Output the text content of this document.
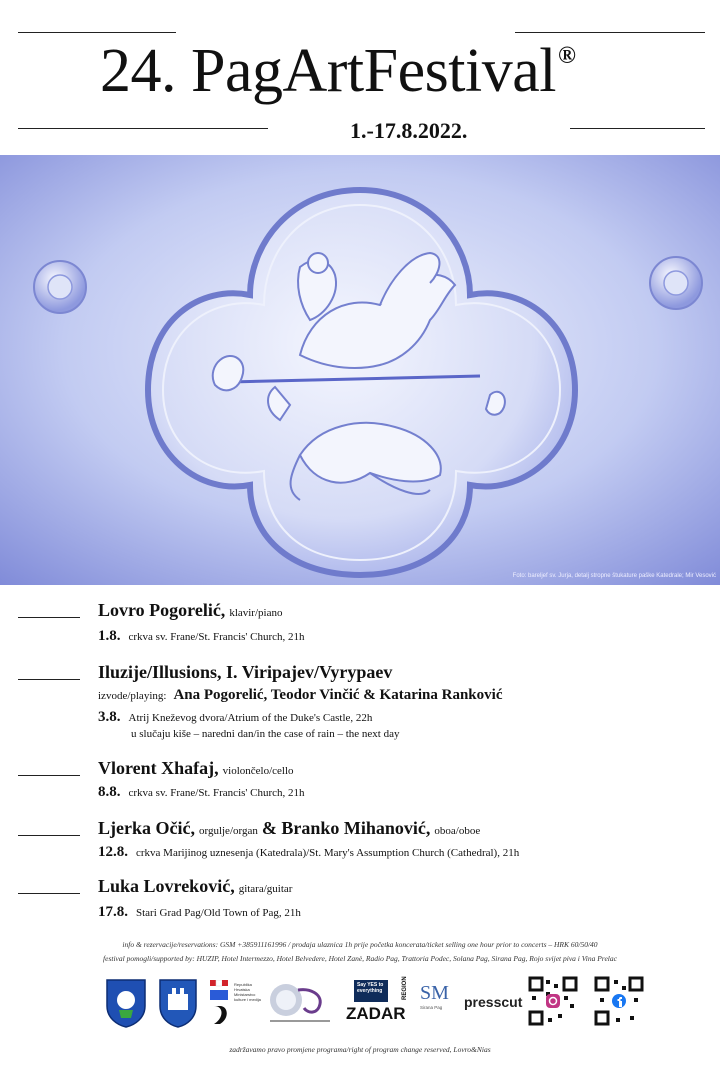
24. PagArtFestival®
1.-17.8.2022.
Foto: bareljef sv. Jurja, detalj stropne štukature paške Katedrale; Mir Vesović
Lovro Pogorelić, klavir/piano
1.8. crkva sv. Frane/St. Francis' Church, 21h
Iluzije/Illusions, I. Viripajev/Vyrypaev
izvode/playing: Ana Pogorelić, Teodor Vinčić & Katarina Ranković
3.8. Atrij Kneževog dvora/Atrium of the Duke's Castle, 22h
u slučaju kiše – naredni dan/in the case of rain – the next day
Vlorent Xhafaj, violončelo/cello
8.8. crkva sv. Frane/St. Francis' Church, 21h
Ljerka Očić, orgulje/organ & Branko Mihanović, oboa/oboe
12.8. crkva Marijinog uznesenja (Katedrala)/St. Mary's Assumption Church (Cathedral), 21h
Luka Lovreković, gitara/guitar
17.8. Stari Grad Pag/Old Town of Pag, 21h
info & rezervacije/reservations: GSM +385911161996 / prodaja ulaznica 1h prije početka koncerata/ticket selling one hour prior to concerts – HRK 60/50/40
festival pomogli/supported by: HUZIP, Hotel Intermezzo, Hotel Belvedere, Hotel Zanè, Radio Pag, Trattoria Podec, Solana Pag, Sirana Pag, Rojo svijet piva i Vina Prelac
Republika Hrvatska Ministarstvo kulture i medija
Say YES to everything
ZADAR
REGION SM
Sirana Pag	presscut
zadržavamo pravo promjene programa/right of program change reserved, Lovro&Nias
